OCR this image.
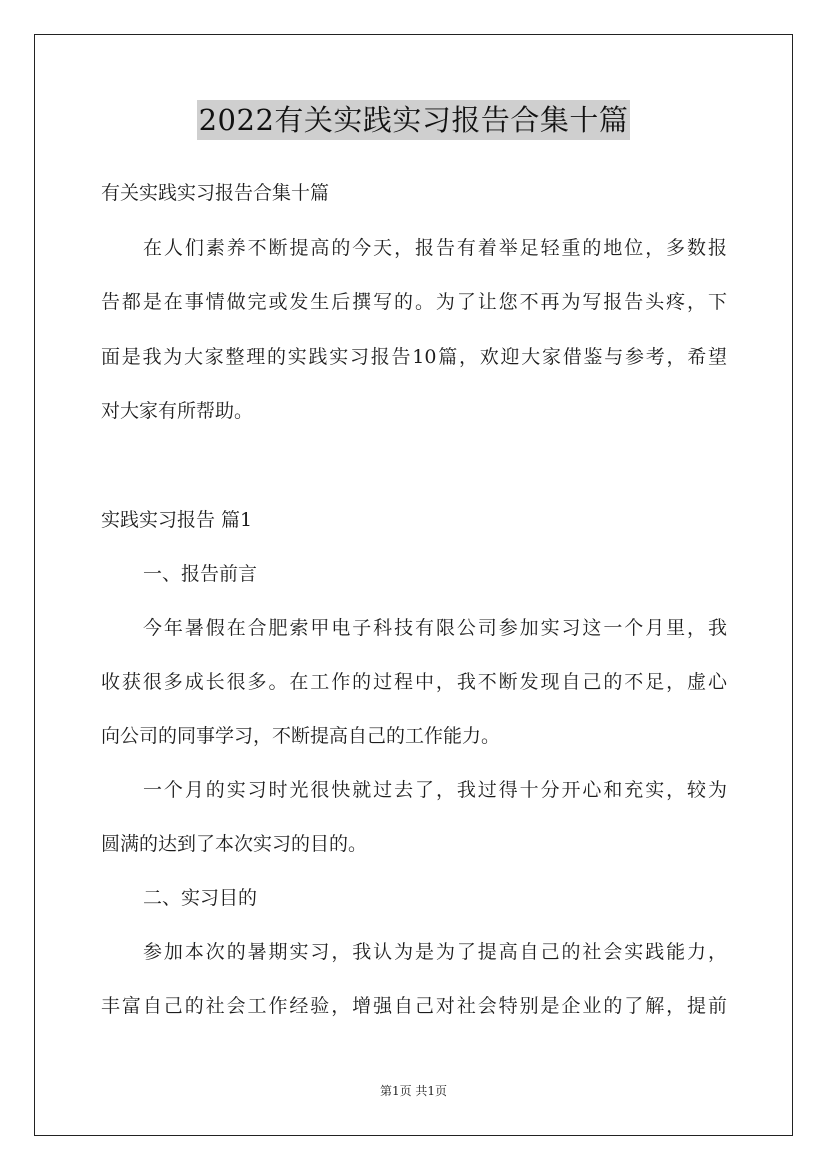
2022有关实践实习报告合集十篇
有关实践实习报告合集十篇
在人们素养不断提高的今天，报告有着举足轻重的地位，多数报
告都是在事情做完或发生后撰写的。为了让您不再为写报告头疼，下
面是我为大家整理的实践实习报告10篇，欢迎大家借鉴与参考，希望
对大家有所帮助。
实践实习报告 篇1
一、报告前言
今年暑假在合肥索甲电子科技有限公司参加实习这一个月里，我
收获很多成长很多。在工作的过程中，我不断发现自己的不足，虚心
向公司的同事学习，不断提高自己的工作能力。
一个月的实习时光很快就过去了，我过得十分开心和充实，较为
圆满的达到了本次实习的目的。
二、实习目的
参加本次的暑期实习，我认为是为了提高自己的社会实践能力，
丰富自己的社会工作经验，增强自己对社会特别是企业的了解，提前
第1页 共1页
